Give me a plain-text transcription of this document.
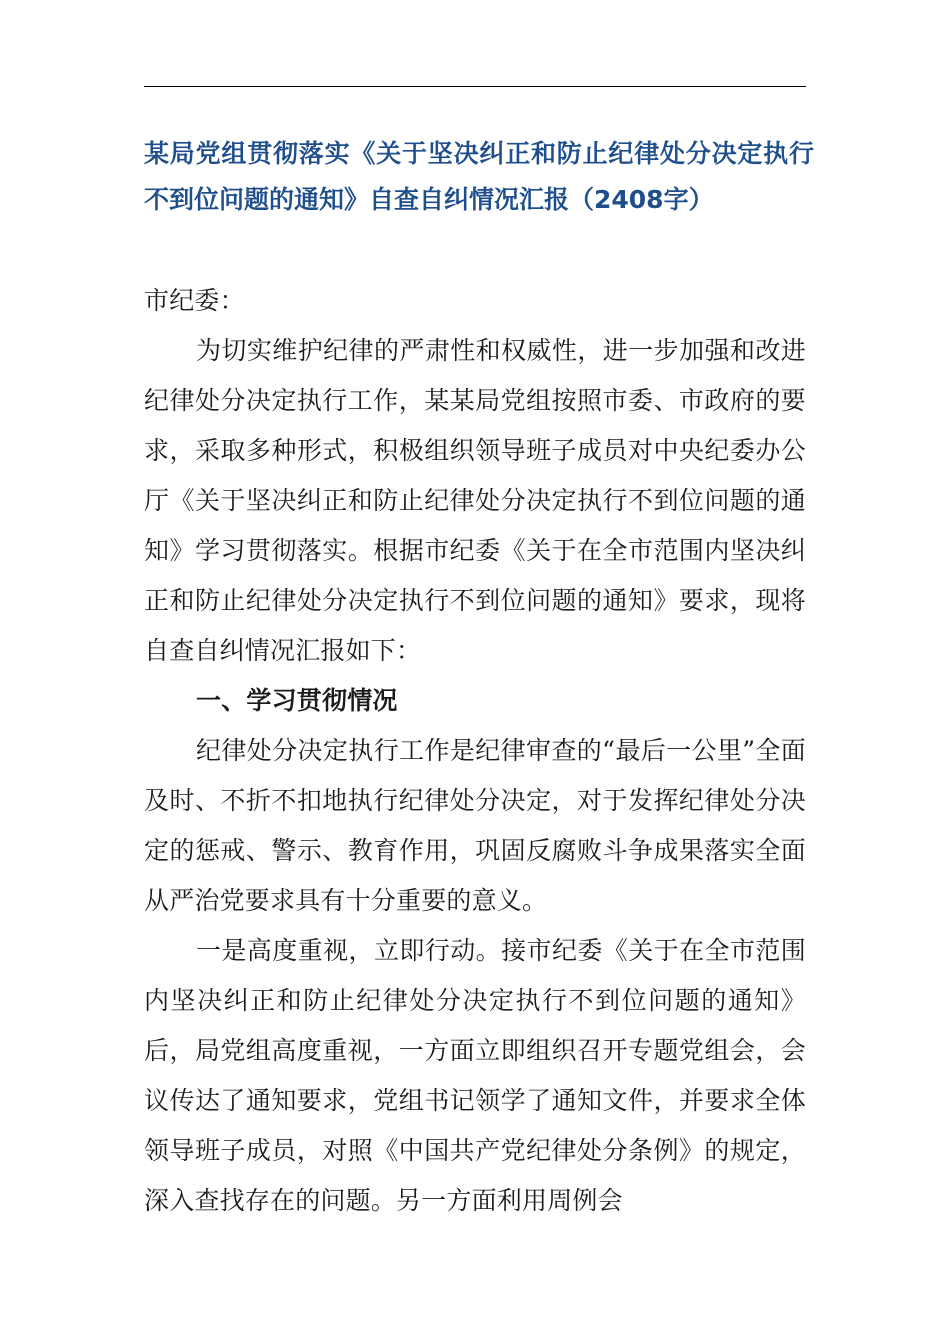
某局党组贯彻落实《关于坚决纠正和防止纪律处分决定执行不到位问题的通知》自查自纠情况汇报（2408字）

市纪委：

为切实维护纪律的严肃性和权威性，进一步加强和改进纪律处分决定执行工作，某某局党组按照市委、市政府的要求，采取多种形式，积极组织领导班子成员对中央纪委办公厅《关于坚决纠正和防止纪律处分决定执行不到位问题的通知》学习贯彻落实。根据市纪委《关于在全市范围内坚决纠正和防止纪律处分决定执行不到位问题的通知》要求，现将自查自纠情况汇报如下：

一、学习贯彻情况

纪律处分决定执行工作是纪律审查的“最后一公里”全面及时、不折不扣地执行纪律处分决定，对于发挥纪律处分决定的惩戒、警示、教育作用，巩固反腐败斗争成果落实全面从严治党要求具有十分重要的意义。

一是高度重视，立即行动。接市纪委《关于在全市范围内坚决纠正和防止纪律处分决定执行不到位问题的通知》后，局党组高度重视，一方面立即组织召开专题党组会，会议传达了通知要求，党组书记领学了通知文件，并要求全体领导班子成员，对照《中国共产党纪律处分条例》的规定，深入查找存在的问题。另一方面利用周例会
